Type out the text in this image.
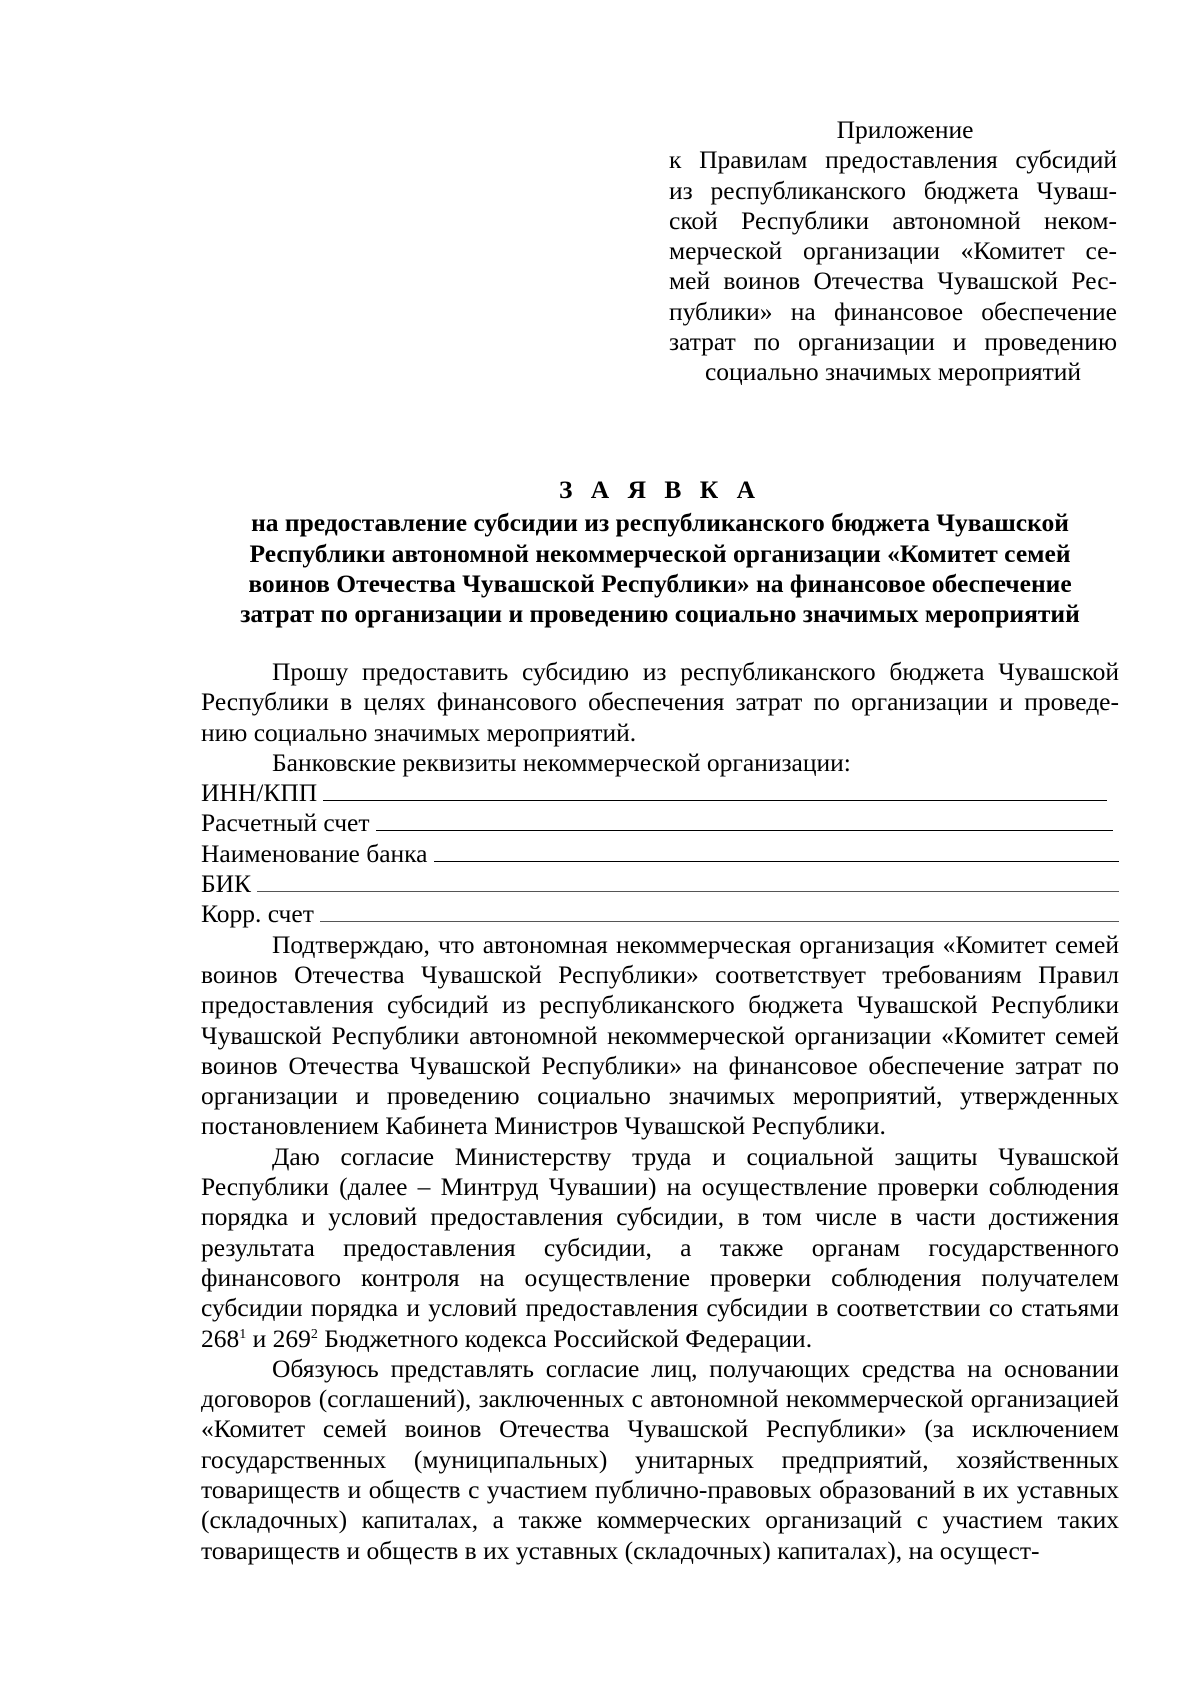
Приложение
к Правилам предоставления субсидий
из республиканского бюджета Чуваш-
ской Республики автономной неком-
мерческой организации «Комитет се-
мей воинов Отечества Чувашской Рес-
публики» на финансовое обеспечение
затрат по организации и проведению
социально значимых мероприятий
З А Я В К А
на предоставление субсидии из республиканского бюджета Чувашской
Республики автономной некоммерческой организации «Комитет семей
воинов Отечества Чувашской Республики» на финансовое обеспечение
затрат по организации и проведению социально значимых мероприятий

Прошу предоставить субсидию из республиканского бюджета Чувашской
Республики в целях финансового обеспечения затрат по организации и проведе-
нию социально значимых мероприятий.

Банковские реквизиты некоммерческой организации:

ИНН/КПП
Расчетный счет
Наименование банка
БИК
Корр. счет

Подтверждаю, что автономная некоммерческая организация «Комитет семей воинов Отечества Чувашской Республики» соответствует требованиям Правил предоставления субсидий из республиканского бюджета Чувашской Республики Чувашской Республики автономной некоммерческой организации «Комитет семей воинов Отечества Чувашской Республики» на финансовое обеспечение затрат по организации и проведению социально значимых мероприятий, утвержденных постановлением Кабинета Министров Чувашской Республики.

Даю согласие Министерству труда и социальной защиты Чувашской Республики (далее – Минтруд Чувашии) на осуществление проверки соблюдения порядка и условий предоставления субсидии, в том числе в части достижения результата предоставления субсидии, а также органам государственного финансового контроля на осуществление проверки соблюдения получателем субсидии порядка и условий предоставления субсидии в соответствии со статьями $268^1$ и $269^2$ Бюджетного кодекса Российской Федерации.

Обязуюсь представлять согласие лиц, получающих средства на основании договоров (соглашений), заключенных с автономной некоммерческой организацией «Комитет семей воинов Отечества Чувашской Республики» (за исключением государственных (муниципальных) унитарных предприятий, хозяйственных товариществ и обществ с участием публично-правовых образований в их уставных (складочных) капиталах, а также коммерческих организаций с участием таких товариществ и обществ в их уставных (складочных) капиталах), на осущест-
